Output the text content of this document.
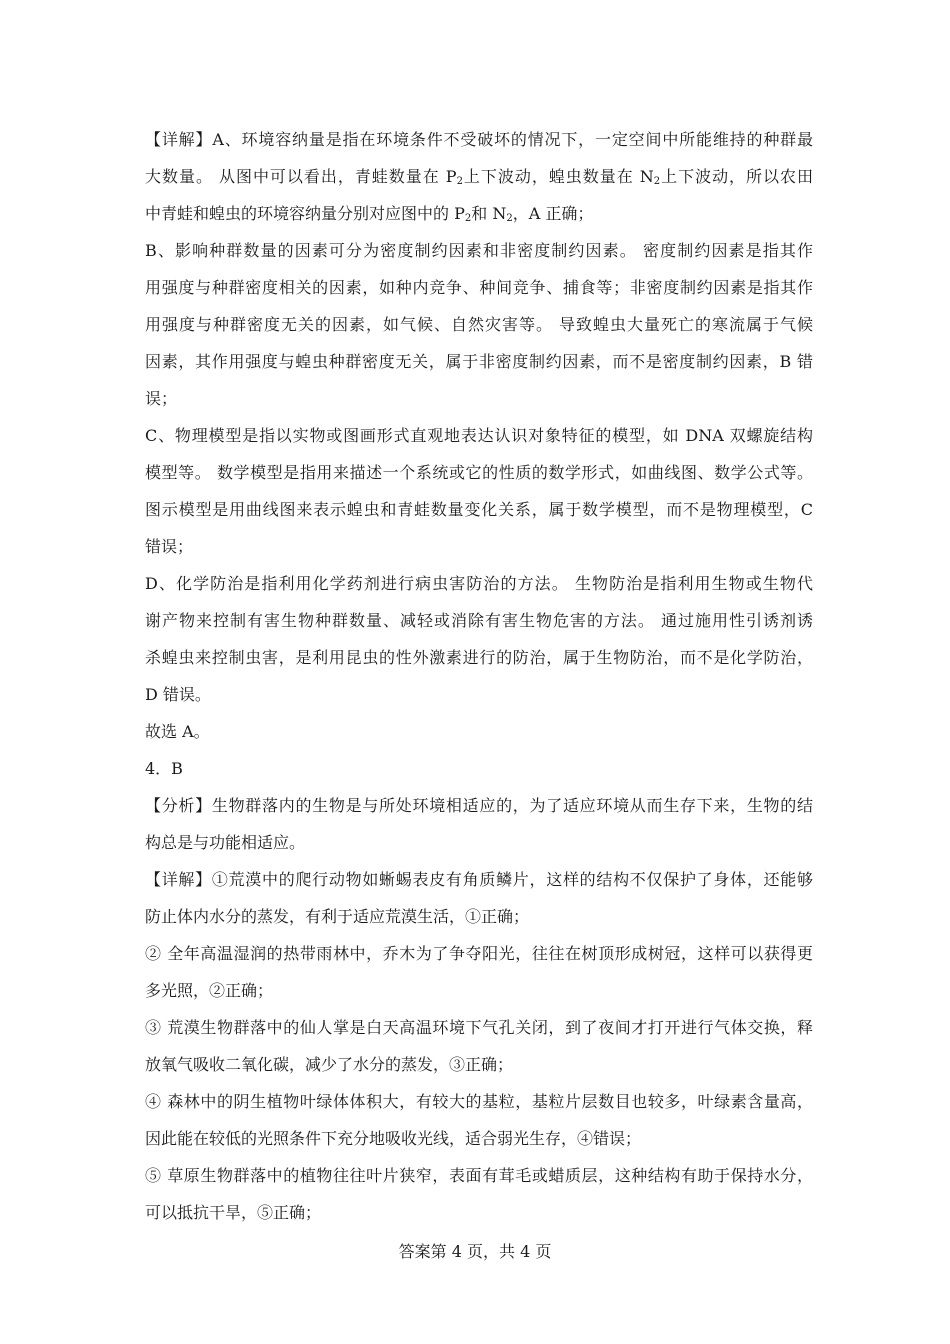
【详解】A、环境容纳量是指在环境条件不受破坏的情况下，一定空间中所能维持的种群最
大数量。 从图中可以看出，青蛙数量在 $P_2$上下波动，蝗虫数量在 $N_2$上下波动，所以农田
中青蛙和蝗虫的环境容纳量分别对应图中的 $P_2$和 $N_2$，A 正确；
B、影响种群数量的因素可分为密度制约因素和非密度制约因素。 密度制约因素是指其作
用强度与种群密度相关的因素，如种内竞争、种间竞争、捕食等；非密度制约因素是指其作
用强度与种群密度无关的因素，如气候、自然灾害等。 导致蝗虫大量死亡的寒流属于气候
因素，其作用强度与蝗虫种群密度无关，属于非密度制约因素，而不是密度制约因素，B 错
误；
C、物理模型是指以实物或图画形式直观地表达认识对象特征的模型，如 DNA 双螺旋结构
模型等。 数学模型是指用来描述一个系统或它的性质的数学形式，如曲线图、数学公式等。
图示模型是用曲线图来表示蝗虫和青蛙数量变化关系，属于数学模型，而不是物理模型，C
错误；
D、化学防治是指利用化学药剂进行病虫害防治的方法。 生物防治是指利用生物或生物代
谢产物来控制有害生物种群数量、减轻或消除有害生物危害的方法。 通过施用性引诱剂诱
杀蝗虫来控制虫害，是利用昆虫的性外激素进行的防治，属于生物防治，而不是化学防治，
D 错误。
故选 A。
4．B
【分析】生物群落内的生物是与所处环境相适应的，为了适应环境从而生存下来，生物的结
构总是与功能相适应。
【详解】①荒漠中的爬行动物如蜥蜴表皮有角质鳞片，这样的结构不仅保护了身体，还能够
防止体内水分的蒸发，有利于适应荒漠生活，①正确；
② 全年高温湿润的热带雨林中，乔木为了争夺阳光，往往在树顶形成树冠，这样可以获得更
多光照，②正确；
③ 荒漠生物群落中的仙人掌是白天高温环境下气孔关闭，到了夜间才打开进行气体交换，释
放氧气吸收二氧化碳，减少了水分的蒸发，③正确；
④ 森林中的阴生植物叶绿体体积大，有较大的基粒，基粒片层数目也较多，叶绿素含量高，
因此能在较低的光照条件下充分地吸收光线，适合弱光生存，④错误；
⑤ 草原生物群落中的植物往往叶片狭窄，表面有茸毛或蜡质层，这种结构有助于保持水分，
可以抵抗干旱，⑤正确；
答案第 4 页，共 4 页
